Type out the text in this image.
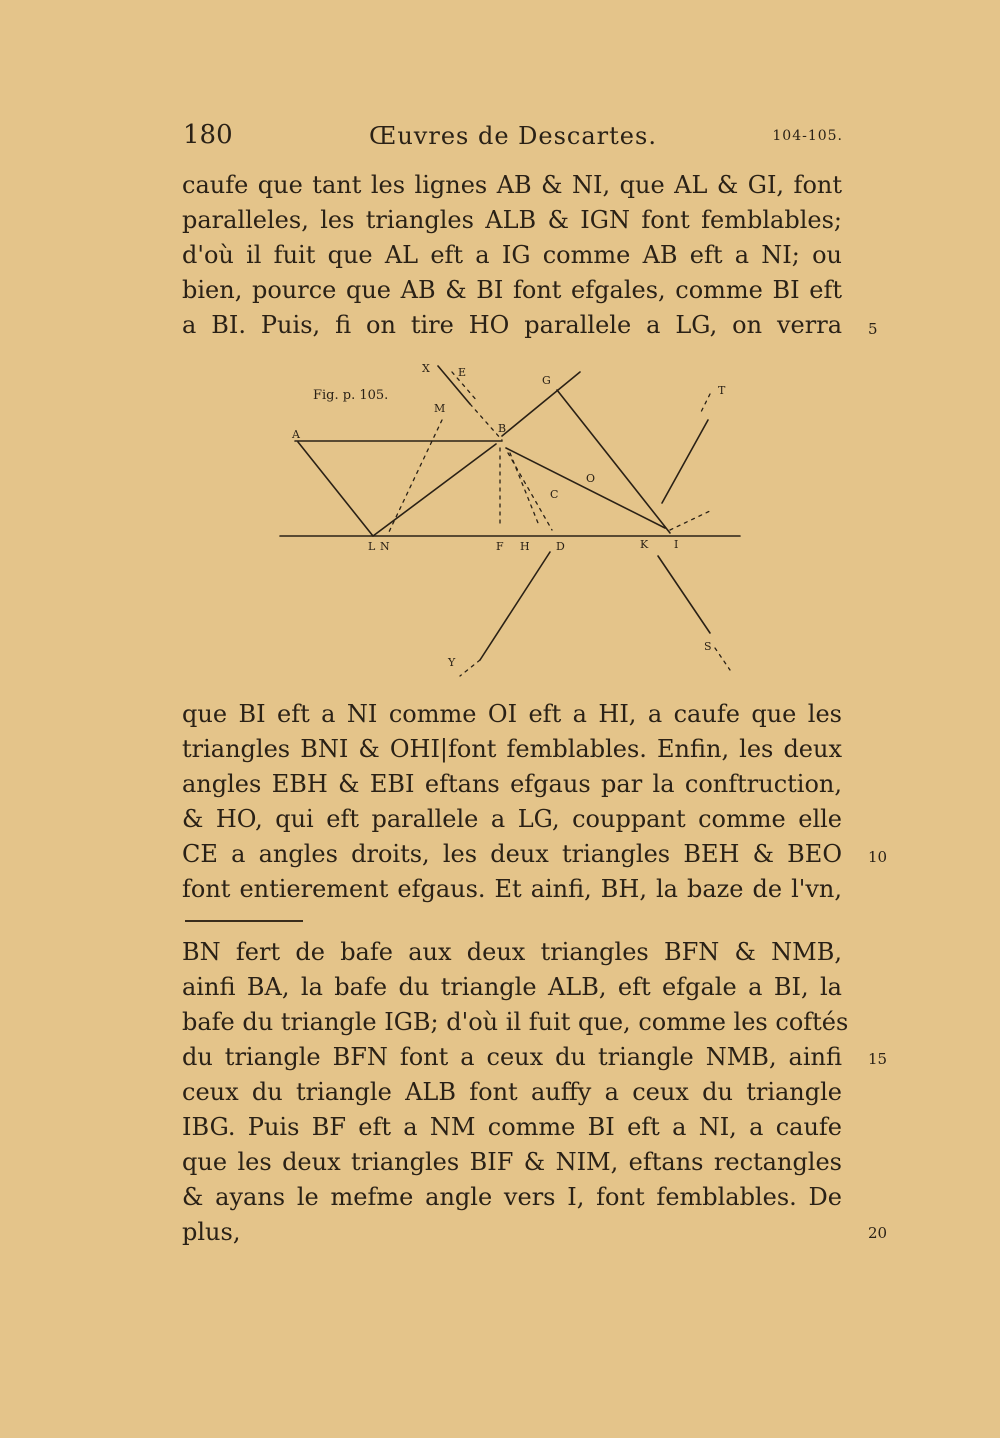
180	Œuvres de Descartes.	104-105.
caufe que tant les lignes AB & NI, que AL & GI, font
paralleles, les triangles ALB & IGN font femblables;
d'où il fuit que AL eft a IG comme AB eft a NI; ou
bien, pource que AB & BI font efgales, comme BI eft
a BI. Puis, fi on tire HO parallele a LG, on verra 5
Fig. p. 105.
A	B
C
D
E
F
G
H	I
K
L
M
N
O
S
T
X
Y
que BI eft a NI comme OI eft a HI, a caufe que les
triangles BNI & OHI|font femblables. Enfin, les deux
angles EBH & EBI eftans efgaus par la conftruction,
& HO, qui eft parallele a LG, couppant comme elle
CE a angles droits, les deux triangles BEH & BEO
font entierement efgaus. Et ainfi, BH, la baze de l'vn,
10
BN fert de bafe aux deux triangles BFN & NMB,
ainfi BA, la bafe du triangle ALB, eft efgale a BI, la
bafe du triangle IGB; d'où il fuit que, comme les coftés
du triangle BFN font a ceux du triangle NMB, ainfi
ceux du triangle ALB font auffy a ceux du triangle
IBG. Puis BF eft a NM comme BI eft a NI, a caufe
que les deux triangles BIF & NIM, eftans rectangles
& ayans le mefme angle vers I, font femblables. De
plus,
15
20
